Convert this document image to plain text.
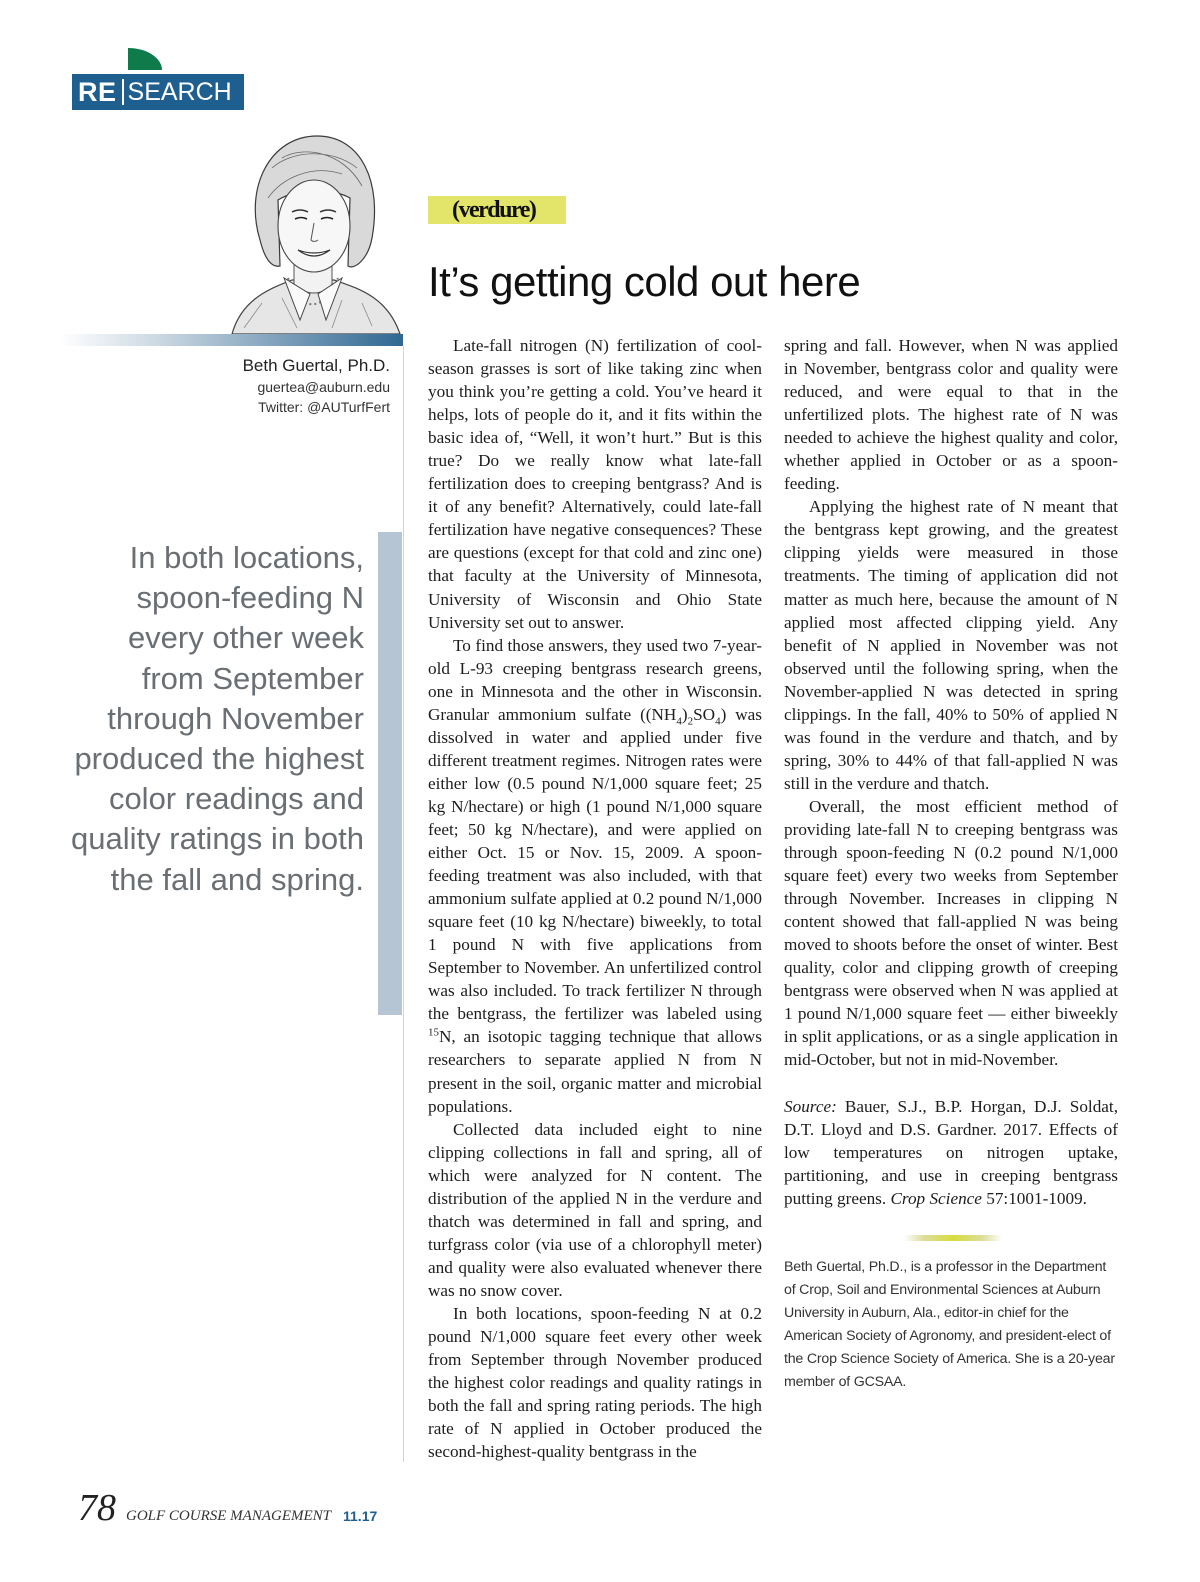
RE SEARCH
Beth Guertal, Ph.D.
guertea@auburn.edu
Twitter: @AUTurfFert
In both locations, spoon-feeding N every other week from September through November produced the highest color readings and quality ratings in both the fall and spring.
(verdure)
It’s getting cold out here

Late-fall nitrogen (N) fertilization of cool-season grasses is sort of like taking zinc when you think you’re getting a cold. You’ve heard it helps, lots of people do it, and it fits within the basic idea of, “Well, it won’t hurt.” But is this true? Do we really know what late-fall fertilization does to creeping bentgrass? And is it of any benefit? Alternatively, could late-fall fertilization have negative consequences? These are questions (except for that cold and zinc one) that faculty at the University of Minnesota, University of Wisconsin and Ohio State University set out to answer.

To find those answers, they used two 7-year-old L-93 creeping bentgrass research greens, one in Minnesota and the other in Wisconsin. Granular ammonium sulfate $((NH_4)_2SO_4)$ was dissolved in water and applied under five different treatment regimes. Nitrogen rates were either low (0.5 pound N/1,000 square feet; 25 kg N/hectare) or high (1 pound N/1,000 square feet; 50 kg N/hectare), and were applied on either Oct. 15 or Nov. 15, 2009. A spoon-feeding treatment was also included, with that ammonium sulfate applied at 0.2 pound N/1,000 square feet (10 kg N/hectare) biweekly, to total 1 pound N with five applications from September to November. An unfertilized control was also included. To track fertilizer N through the bentgrass, the fertilizer was labeled using $^{15}$N, an isotopic tagging technique that allows researchers to separate applied N from N present in the soil, organic matter and microbial populations.

Collected data included eight to nine clipping collections in fall and spring, all of which were analyzed for N content. The distribution of the applied N in the verdure and thatch was determined in fall and spring, and turfgrass color (via use of a chlorophyll meter) and quality were also evaluated whenever there was no snow cover.

In both locations, spoon-feeding N at 0.2 pound N/1,000 square feet every other week from September through November produced the highest color readings and quality ratings in both the fall and spring rating periods. The high rate of N applied in October produced the second-highest-quality bentgrass in the

spring and fall. However, when N was applied in November, bentgrass color and quality were reduced, and were equal to that in the unfertilized plots. The highest rate of N was needed to achieve the highest quality and color, whether applied in October or as a spoon-feeding.

Applying the highest rate of N meant that the bentgrass kept growing, and the greatest clipping yields were measured in those treatments. The timing of application did not matter as much here, because the amount of N applied most affected clipping yield. Any benefit of N applied in November was not observed until the following spring, when the November-applied N was detected in spring clippings. In the fall, 40% to 50% of applied N was found in the verdure and thatch, and by spring, 30% to 44% of that fall-applied N was still in the verdure and thatch.

Overall, the most efficient method of providing late-fall N to creeping bentgrass was through spoon-feeding N (0.2 pound N/1,000 square feet) every two weeks from September through November. Increases in clipping N content showed that fall-applied N was being moved to shoots before the onset of winter. Best quality, color and clipping growth of creeping bentgrass were observed when N was applied at 1 pound N/1,000 square feet — either biweekly in split applications, or as a single application in mid-October, but not in mid-November.

Source: Bauer, S.J., B.P. Horgan, D.J. Soldat, D.T. Lloyd and D.S. Gardner. 2017. Effects of low temperatures on nitrogen uptake, partitioning, and use in creeping bentgrass putting greens. Crop Science 57:1001-1009.

Beth Guertal, Ph.D., is a professor in the Department of Crop, Soil and Environmental Sciences at Auburn University in Auburn, Ala., editor-in chief for the American Society of Agronomy, and president-elect of the Crop Science Society of America. She is a 20-year member of GCSAA.
78 GOLF COURSE MANAGEMENT 11.17
